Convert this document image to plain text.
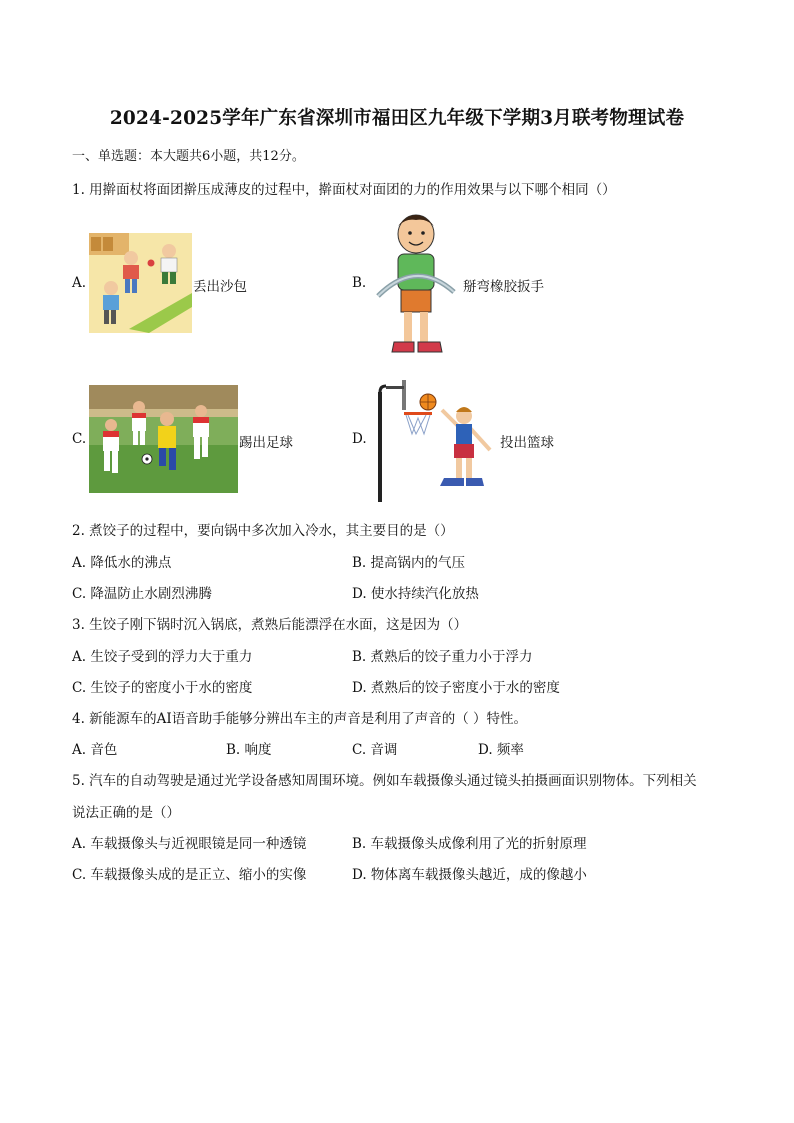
2024-2025学年广东省深圳市福田区九年级下学期3月联考物理试卷
一、单选题：本大题共6小题，共12分。
1. 用擀面杖将面团擀压成薄皮的过程中，擀面杖对面团的力的作用效果与以下哪个相同（）
A.	丢出沙包	B.	掰弯橡胶扳手
C.	踢出足球	D.	投出篮球
2. 煮饺子的过程中，要向锅中多次加入冷水，其主要目的是（）
A. 降低水的沸点	B. 提高锅内的气压
C. 降温防止水剧烈沸腾	D. 使水持续汽化放热
3. 生饺子刚下锅时沉入锅底，煮熟后能漂浮在水面，这是因为（）
A. 生饺子受到的浮力大于重力	B. 煮熟后的饺子重力小于浮力
C. 生饺子的密度小于水的密度	D. 煮熟后的饺子密度小于水的密度
4. 新能源车的AI语音助手能够分辨出车主的声音是利用了声音的（ ）特性。
A. 音色	B. 响度	C. 音调	D. 频率
5. 汽车的自动驾驶是通过光学设备感知周围环境。例如车载摄像头通过镜头拍摄画面识别物体。下列相关
说法正确的是（）
A. 车载摄像头与近视眼镜是同一种透镜	B. 车载摄像头成像利用了光的折射原理
C. 车载摄像头成的是正立、缩小的实像	D. 物体离车载摄像头越近，成的像越小
